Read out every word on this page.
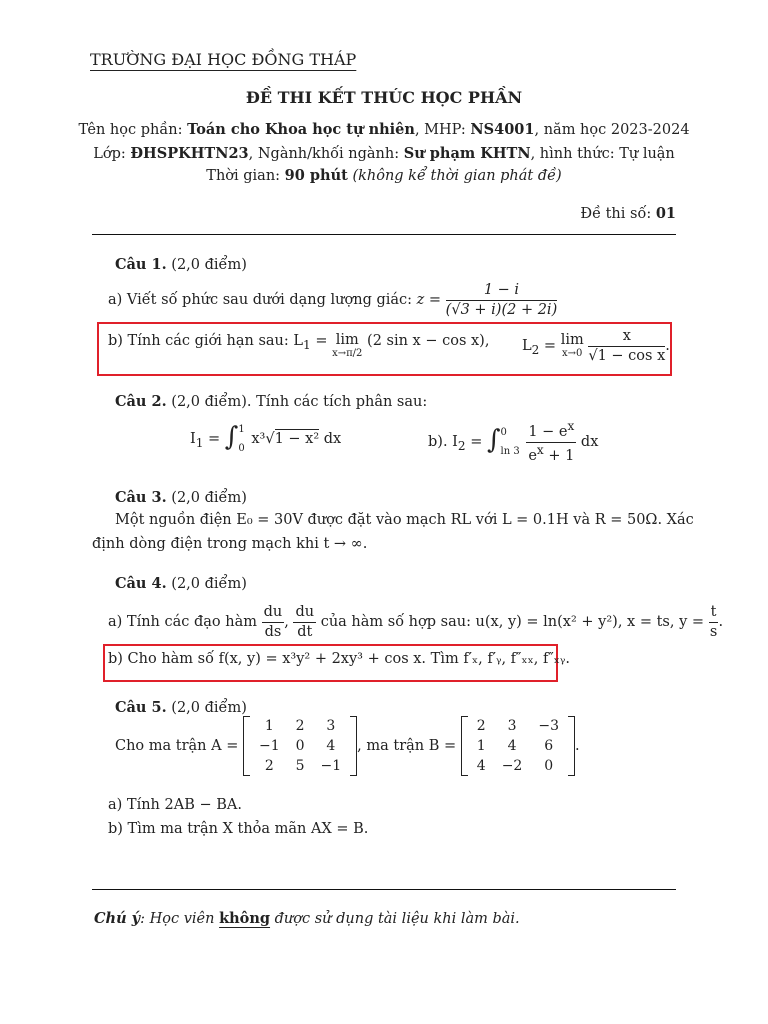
TRƯỜNG ĐẠI HỌC ĐỒNG THÁP
ĐỀ THI KẾT THÚC HỌC PHẦN
Tên học phần: Toán cho Khoa học tự nhiên, MHP: NS4001, năm học 2023-2024
Lớp: ĐHSPKHTN23, Ngành/khối ngành: Sư phạm KHTN, hình thức: Tự luận
Thời gian: 90 phút (không kể thời gian phát đề)
Đề thi số: 01
Câu 1. (2,0 điểm)
a) Viết số phức sau dưới dạng lượng giác: $z = \frac{1 - i}{(√3 + i)(2 + 2i)}$
b) Tính các giới hạn sau: $L_1 = \lim$
x→π/2
(2 sin x − cos x), $L_2 = \lim$
x→0
$\frac{x}{\text{√1 − cos x}}$ .
Câu 2. (2,0 điểm). Tính các tích phân sau:
$I_1$ = ∫ 1
0
x³√1 − x² dx	b). $I_2$ = ∫ 0
ln 3
$\frac{1 - e^x}{e^x + 1}$ dx
Câu 3. (2,0 điểm)
Một nguồn điện E₀ = 30V được đặt vào mạch RL với L = 0.1H và R = 50Ω. Xác
định dòng điện trong mạch khi t → ∞.
Câu 4. (2,0 điểm)
a) Tính các đạo hàm $\frac{du}{ds}$ , $\frac{du}{dt}$ của hàm số hợp sau: u(x, y) = ln(x² + y²), x = ts, $y = \frac{t}{s}$ .
b) Cho hàm số f(x, y) = x³y² + 2xy³ + cos x. Tìm f′ₓ, f′ᵧ, f″ₓₓ, f″ₓᵧ.
Câu 5. (2,0 điểm)
Cho ma trận A =
1	2	3
−1	0	4
2	5	−1
, ma trận B =
2	3	−3
1	4	6
4	−2	0
.
a) Tính 2AB − BA.
b) Tìm ma trận X thỏa mãn AX = B.
Chú ý: Học viên không được sử dụng tài liệu khi làm bài.
